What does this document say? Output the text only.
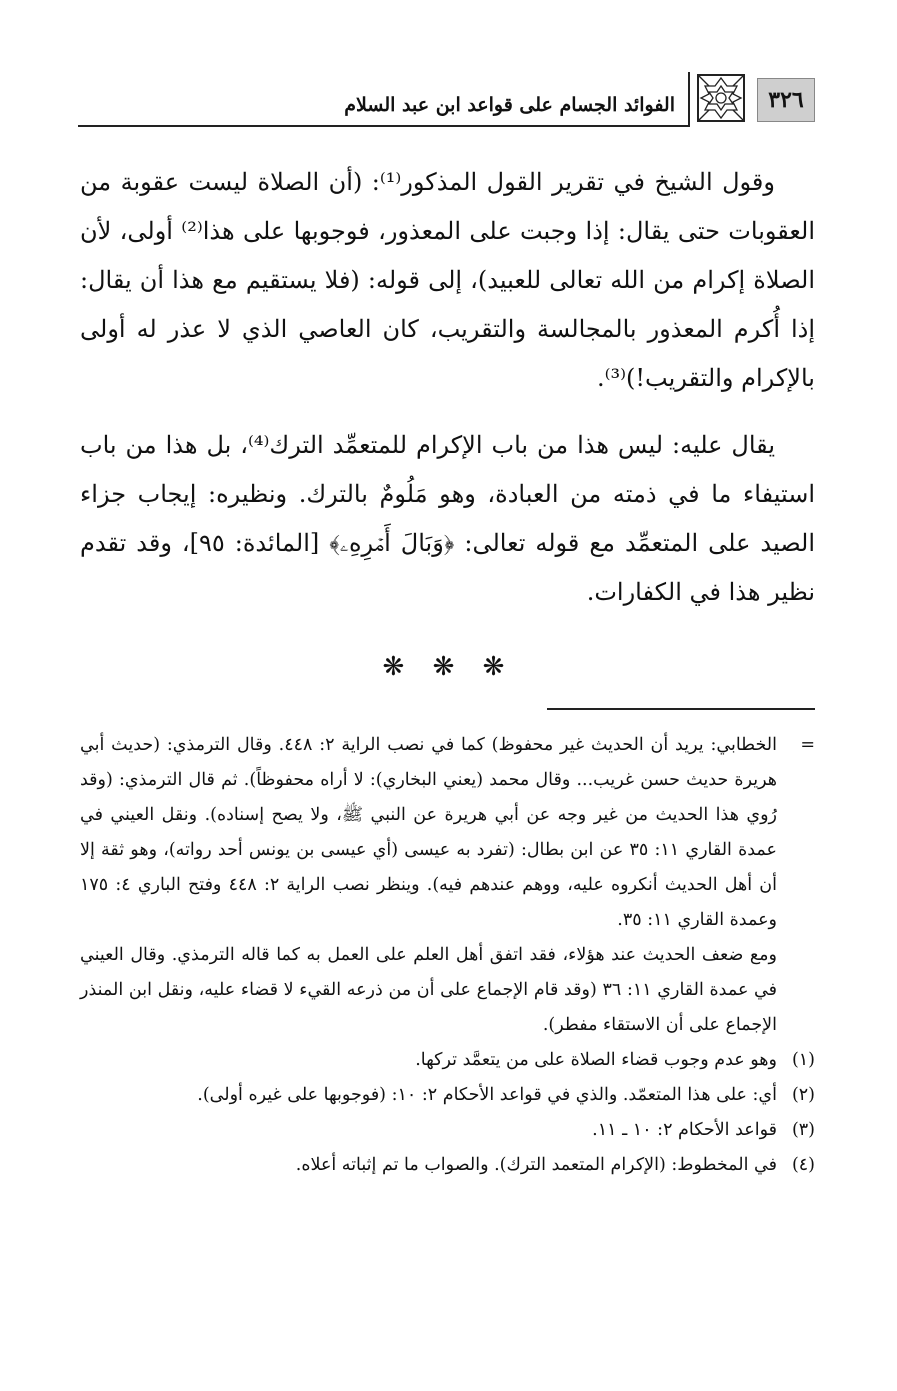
٣٢٦
الفوائد الجسام على قواعد ابن عبد السلام

وقول الشيخ في تقرير القول المذكور⁽¹⁾: (أن الصلاة ليست عقوبة من العقوبات حتى يقال: إذا وجبت على المعذور، فوجوبها على هذا⁽²⁾ أولى، لأن الصلاة إكرام من الله تعالى للعبيد)، إلى قوله: (فلا يستقيم مع هذا أن يقال: إذا أُكرم المعذور بالمجالسة والتقريب، كان العاصي الذي لا عذر له أولى بالإكرام والتقريب!)⁽³⁾.

يقال عليه: ليس هذا من باب الإكرام للمتعمِّد الترك⁽⁴⁾، بل هذا من باب استيفاء ما في ذمته من العبادة، وهو مَلُومٌ بالترك. ونظيره: إيجاب جزاء الصيد على المتعمِّد مع قوله تعالى: ﴿وَبَالَ أَمۡرِهِۦ﴾ [المائدة: ٩٥]، وقد تقدم نظير هذا في الكفارات.

❋ ❋ ❋
=
الخطابي: يريد أن الحديث غير محفوظ) كما في نصب الراية ٢: ٤٤٨. وقال الترمذي: (حديث أبي هريرة حديث حسن غريب... وقال محمد (يعني البخاري): لا أراه محفوظاً). ثم قال الترمذي: (وقد رُوي هذا الحديث من غير وجه عن أبي هريرة عن النبي ﷺ، ولا يصح إسناده). ونقل العيني في عمدة القاري ١١: ٣٥ عن ابن بطال: (تفرد به عيسى (أي عيسى بن يونس أحد رواته)، وهو ثقة إلا أن أهل الحديث أنكروه عليه، ووهم عندهم فيه). وينظر نصب الراية ٢: ٤٤٨ وفتح الباري ٤: ١٧٥ وعمدة القاري ١١: ٣٥.
ومع ضعف الحديث عند هؤلاء، فقد اتفق أهل العلم على العمل به كما قاله الترمذي. وقال العيني في عمدة القاري ١١: ٣٦ (وقد قام الإجماع على أن من ذرعه القيء لا قضاء عليه، ونقل ابن المنذر الإجماع على أن الاستقاء مفطر).
(١)
وهو عدم وجوب قضاء الصلاة على من يتعمَّد تركها.
(٢)
أي: على هذا المتعمّد. والذي في قواعد الأحكام ٢: ١٠: (فوجوبها على غيره أولى).
(٣)
قواعد الأحكام ٢: ١٠ ـ ١١.
(٤)
في المخطوط: (الإكرام المتعمد الترك). والصواب ما تم إثباته أعلاه.
